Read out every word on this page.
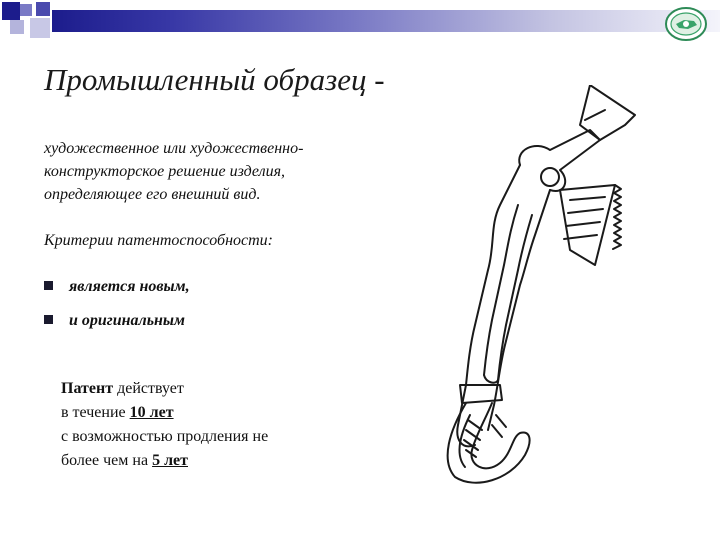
Промышленный образец -
художественное или художественно-
конструкторское решение изделия,
определяющее его внешний вид.
Критерии патентоспособности:
является новым,
и оригинальным
Патент действует
в течение 10 лет
с возможностью продления не
более чем на 5 лет
